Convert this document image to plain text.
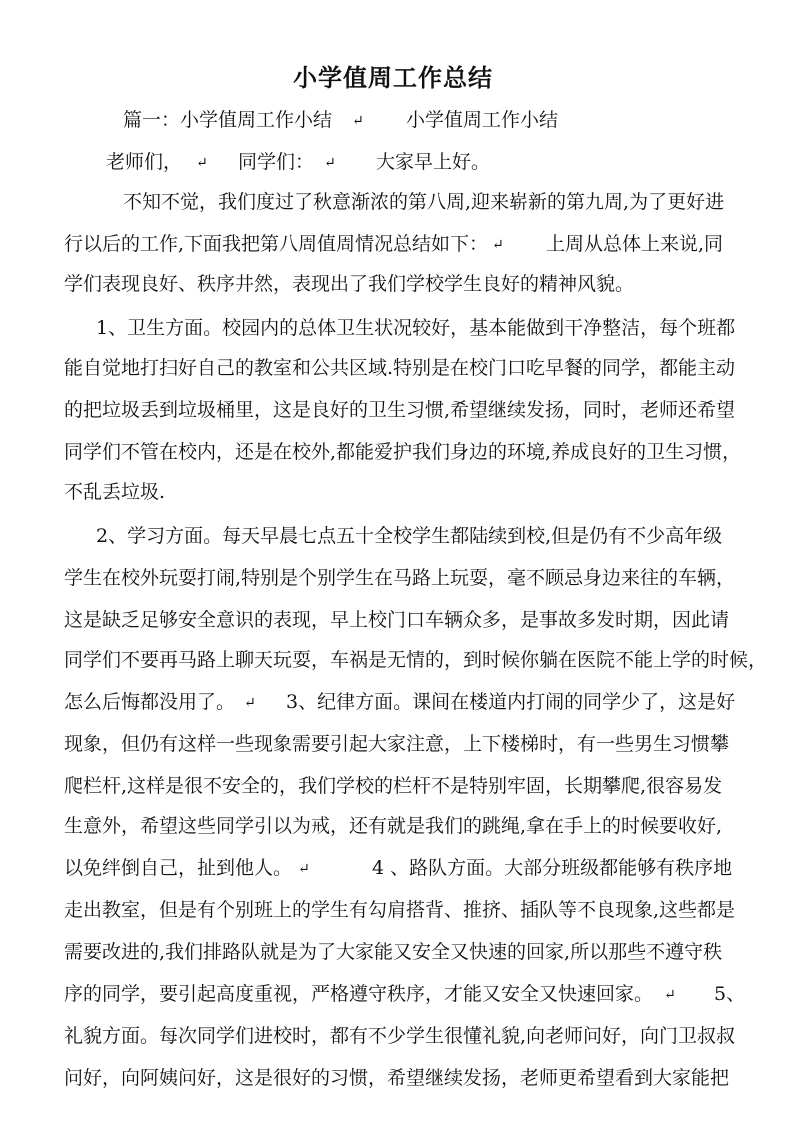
小学值周工作总结
篇一：小学值周工作小结 ↵ 小学值周工作小结
老师们， ↵ 同学们： ↵ 大家早上好。
不知不觉，我们度过了秋意渐浓的第八周,迎来崭新的第九周,为了更好进
行以后的工作,下面我把第八周值周情况总结如下： ↵ 上周从总体上来说,同
学们表现良好、秩序井然，表现出了我们学校学生良好的精神风貌。
1、卫生方面。校园内的总体卫生状况较好，基本能做到干净整洁，每个班都
能自觉地打扫好自己的教室和公共区域.特别是在校门口吃早餐的同学，都能主动
的把垃圾丢到垃圾桶里，这是良好的卫生习惯,希望继续发扬，同时，老师还希望
同学们不管在校内，还是在校外,都能爱护我们身边的环境,养成良好的卫生习惯，
不乱丢垃圾.
2、学习方面。每天早晨七点五十全校学生都陆续到校,但是仍有不少高年级
学生在校外玩耍打闹,特别是个别学生在马路上玩耍，毫不顾忌身边来往的车辆，
这是缺乏足够安全意识的表现，早上校门口车辆众多，是事故多发时期，因此请
同学们不要再马路上聊天玩耍，车祸是无情的，到时候你躺在医院不能上学的时候，
怎么后悔都没用了。 ↵ 3、纪律方面。课间在楼道内打闹的同学少了，这是好
现象，但仍有这样一些现象需要引起大家注意，上下楼梯时，有一些男生习惯攀
爬栏杆,这样是很不安全的，我们学校的栏杆不是特别牢固，长期攀爬,很容易发
生意外，希望这些同学引以为戒，还有就是我们的跳绳,拿在手上的时候要收好,
以免绊倒自己，扯到他人。 ↵	4 、路队方面。大部分班级都能够有秩序地
走出教室，但是有个别班上的学生有勾肩搭背、推挤、插队等不良现象,这些都是
需要改进的,我们排路队就是为了大家能又安全又快速的回家,所以那些不遵守秩
序的同学，要引起高度重视，严格遵守秩序，才能又安全又快速回家。 ↵ 5、
礼貌方面。每次同学们进校时，都有不少学生很懂礼貌,向老师问好，向门卫叔叔
问好，向阿姨问好，这是很好的习惯，希望继续发扬，老师更希望看到大家能把
